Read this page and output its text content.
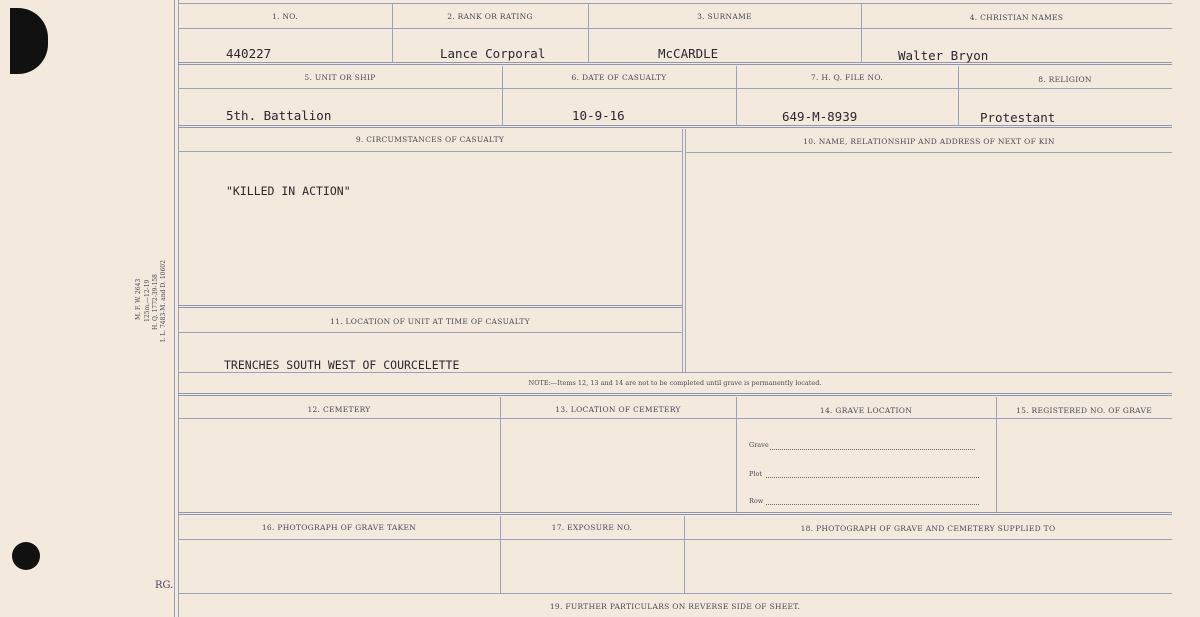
M. F. W. 2643 125m.—12-19 H. Q. 1772-39-158 I. L. 7483-M. and D. 10602
RG.
1. NO.	2. RANK OR RATING	3. SURNAME	4. CHRISTIAN NAMES
440227	Lance Corporal	McCARDLE	Walter Bryon
5. UNIT OR SHIP	6. DATE OF CASUALTY	7. H. Q. FILE NO.	8. RELIGION
5th. Battalion	10-9-16	649-M-8939	Protestant
9. CIRCUMSTANCES OF CASUALTY	10. NAME, RELATIONSHIP AND ADDRESS OF NEXT OF KIN
"KILLED IN ACTION"
11. LOCATION OF UNIT AT TIME OF CASUALTY
TRENCHES SOUTH WEST OF COURCELETTE
NOTE:—Items 12, 13 and 14 are not to be completed until grave is permanently located.
12. CEMETERY	13. LOCATION OF CEMETERY	14. GRAVE LOCATION	15. REGISTERED NO. OF GRAVE
Grave
Plot
Row
16. PHOTOGRAPH OF GRAVE TAKEN	17. EXPOSURE NO.	18. PHOTOGRAPH OF GRAVE AND CEMETERY SUPPLIED TO
19. FURTHER PARTICULARS ON REVERSE SIDE OF SHEET.
